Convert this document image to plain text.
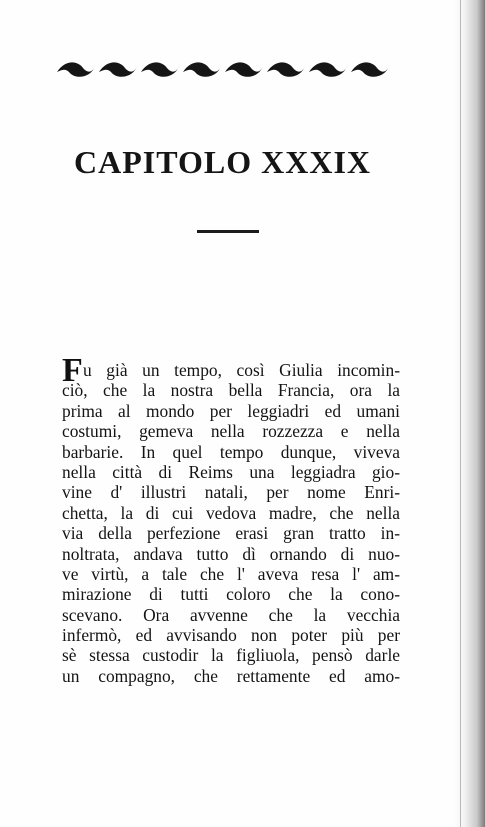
CAPITOLO XXXIX
F u già un tempo, così Giulia incomin-
ciò, che la nostra bella Francia, ora la
prima al mondo per leggiadri ed umani
costumi, gemeva nella rozzezza e nella
barbarie. In quel tempo dunque, viveva
nella città di Reims una leggiadra gio-
vine d' illustri natali, per nome Enri-
chetta, la di cui vedova madre, che nella
via della perfezione erasi gran tratto in-
noltrata, andava tutto dì ornando di nuo-
ve virtù, a tale che l' aveva resa l' am-
mirazione di tutti coloro che la cono-
scevano. Ora avvenne che la vecchia
infermò, ed avvisando non poter più per
sè stessa custodir la figliuola, pensò darle
un compagno, che rettamente ed amo-
